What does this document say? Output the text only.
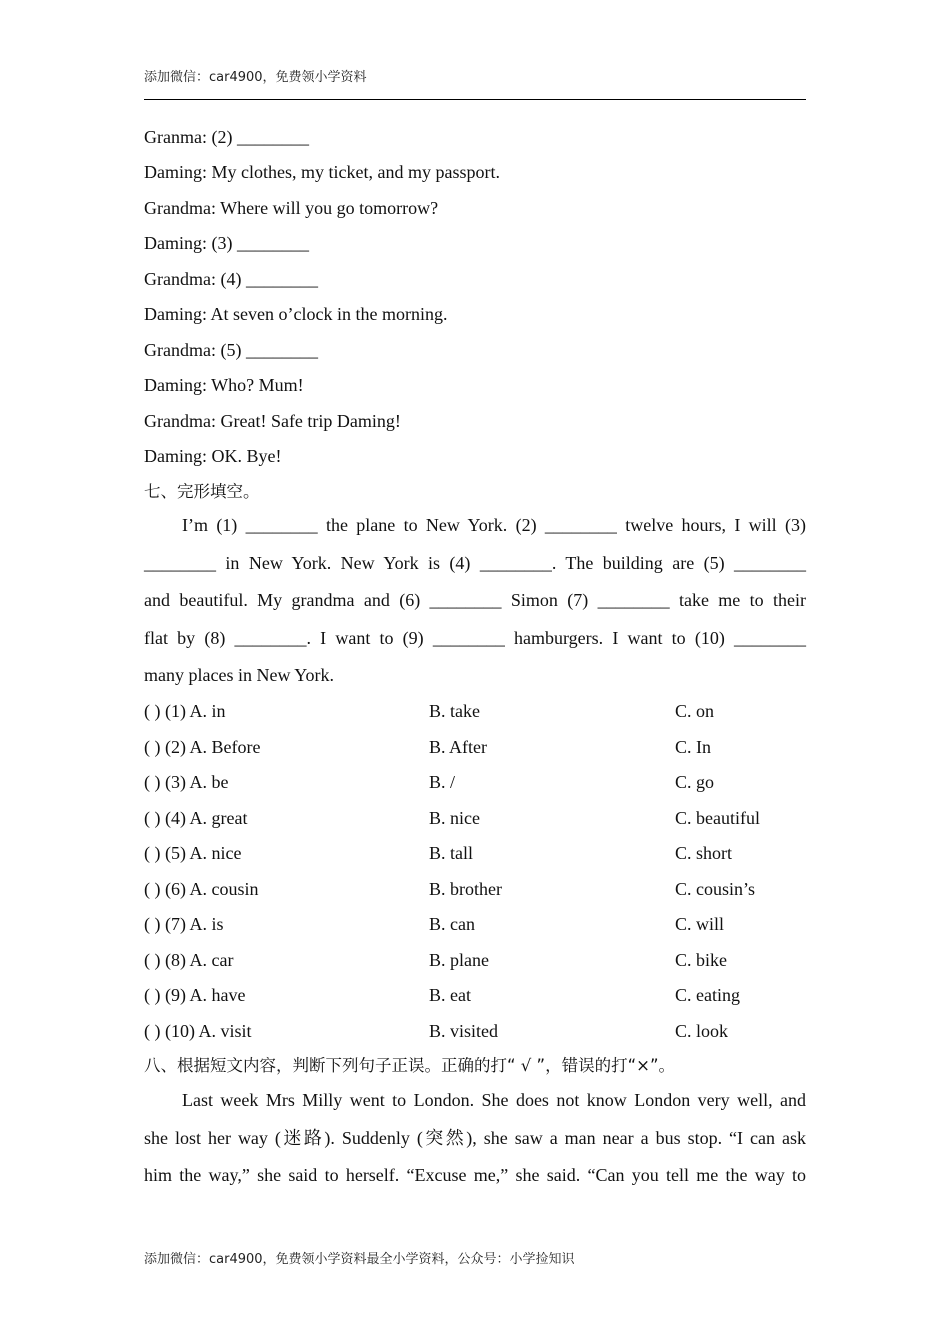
添加微信：car4900，免费领小学资料
Granma: (2) ________
Daming: My clothes, my ticket, and my passport.
Grandma: Where will you go tomorrow?
Daming: (3) ________
Grandma: (4) ________
Daming: At seven o’clock in the morning.
Grandma: (5) ________
Daming: Who? Mum!
Grandma: Great! Safe trip Daming!
Daming: OK. Bye!
七、完形填空。
I’m (1) ________ the plane to New York. (2) ________ twelve hours, I will (3)
________ in New York. New York is (4) ________. The building are (5) ________
and beautiful. My grandma and (6) ________ Simon (7) ________ take me to their
flat by (8) ________. I want to (9) ________ hamburgers. I want to (10) ________
many places in New York.
( ) (1) A. in	B. take	C. on
( ) (2) A. Before	B. After	C. In
( ) (3) A. be	B. /	C. go
( ) (4) A. great	B. nice	C. beautiful
( ) (5) A. nice	B. tall	C. short
( ) (6) A. cousin	B. brother	C. cousin’s
( ) (7) A. is	B. can	C. will
( ) (8) A. car	B. plane	C. bike
( ) (9) A. have	B. eat	C. eating
( ) (10) A. visit	B. visited	C. look
八、根据短文内容，判断下列句子正误。正确的打“ √ ”，错误的打“×”。
Last week Mrs Milly went to London. She does not know London very well, and
she lost her way (迷路). Suddenly (突然), she saw a man near a bus stop. “I can ask
him the way,” she said to herself. “Excuse me,” she said. “Can you tell me the way to
添加微信：car4900，免费领小学资料最全小学资料，公众号：小学捡知识
